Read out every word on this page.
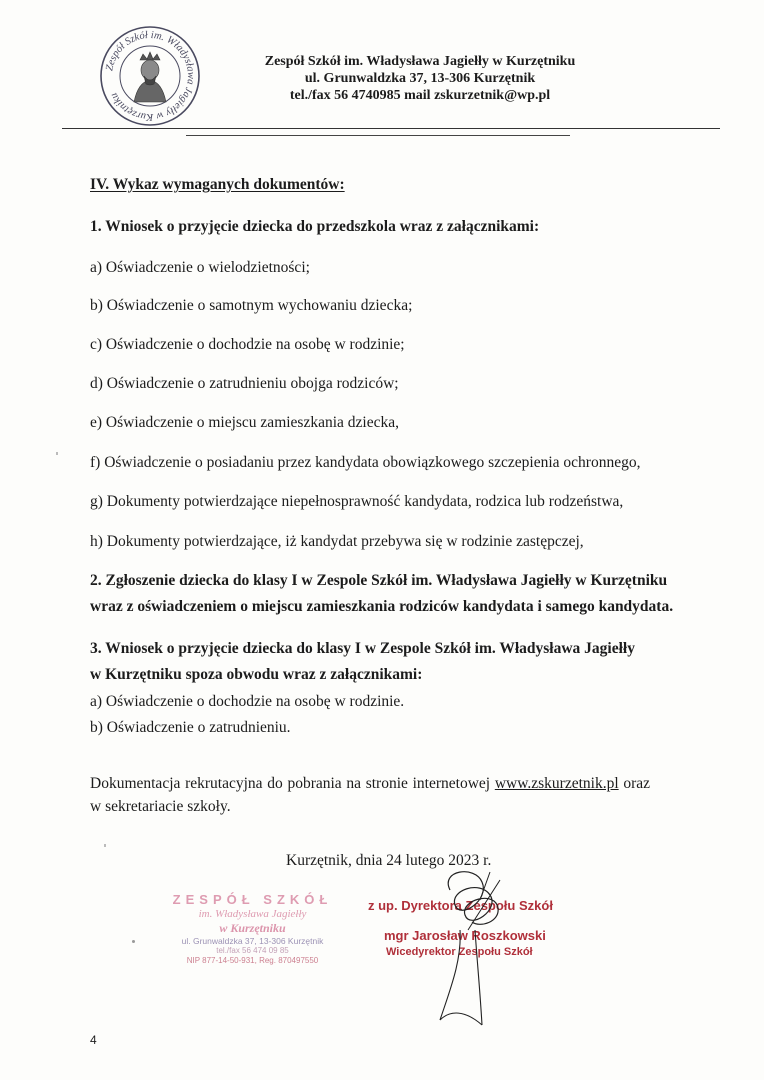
Zespół Szkół im. Władysława Jagiełły w Kurzętniku
Zespół Szkół im. Władysława Jagiełły w Kurzętniku
ul. Grunwaldzka 37, 13-306 Kurzętnik
tel./fax 56 4740985 mail zskurzetnik@wp.pl
IV. Wykaz wymaganych dokumentów:
1. Wniosek o przyjęcie dziecka do przedszkola wraz z załącznikami:
a) Oświadczenie o wielodzietności;
b) Oświadczenie o samotnym wychowaniu dziecka;
c) Oświadczenie o dochodzie na osobę w rodzinie;
d) Oświadczenie o zatrudnieniu obojga rodziców;
e) Oświadczenie o miejscu zamieszkania dziecka,
f) Oświadczenie o posiadaniu przez kandydata obowiązkowego szczepienia ochronnego,
g) Dokumenty potwierdzające niepełnosprawność kandydata, rodzica lub rodzeństwa,
h) Dokumenty potwierdzające, iż kandydat przebywa się w rodzinie zastępczej,
2. Zgłoszenie dziecka do klasy I w Zespole Szkół im. Władysława Jagiełły w Kurzętniku
wraz z oświadczeniem o miejscu zamieszkania rodziców kandydata i samego kandydata.
3. Wniosek o przyjęcie dziecka do klasy I w Zespole Szkół im. Władysława Jagiełły
w Kurzętniku spoza obwodu wraz z załącznikami:
a) Oświadczenie o dochodzie na osobę w rodzinie.
b) Oświadczenie o zatrudnieniu.
Dokumentacja rekrutacyjna do pobrania na stronie internetowej www.zskurzetnik.pl oraz
w sekretariacie szkoły.
Kurzętnik, dnia 24 lutego 2023 r.
ZESPÓŁ SZKÓŁ
im. Władysława Jagiełły
w Kurzętniku
ul. Grunwaldzka 37, 13-306 Kurzętnik
tel./fax 56 474 09 85
NIP 877-14-50-931, Reg. 870497550
z up. Dyrektora Zespołu Szkół
mgr Jarosław Roszkowski
Wicedyrektor Zespołu Szkół
4
